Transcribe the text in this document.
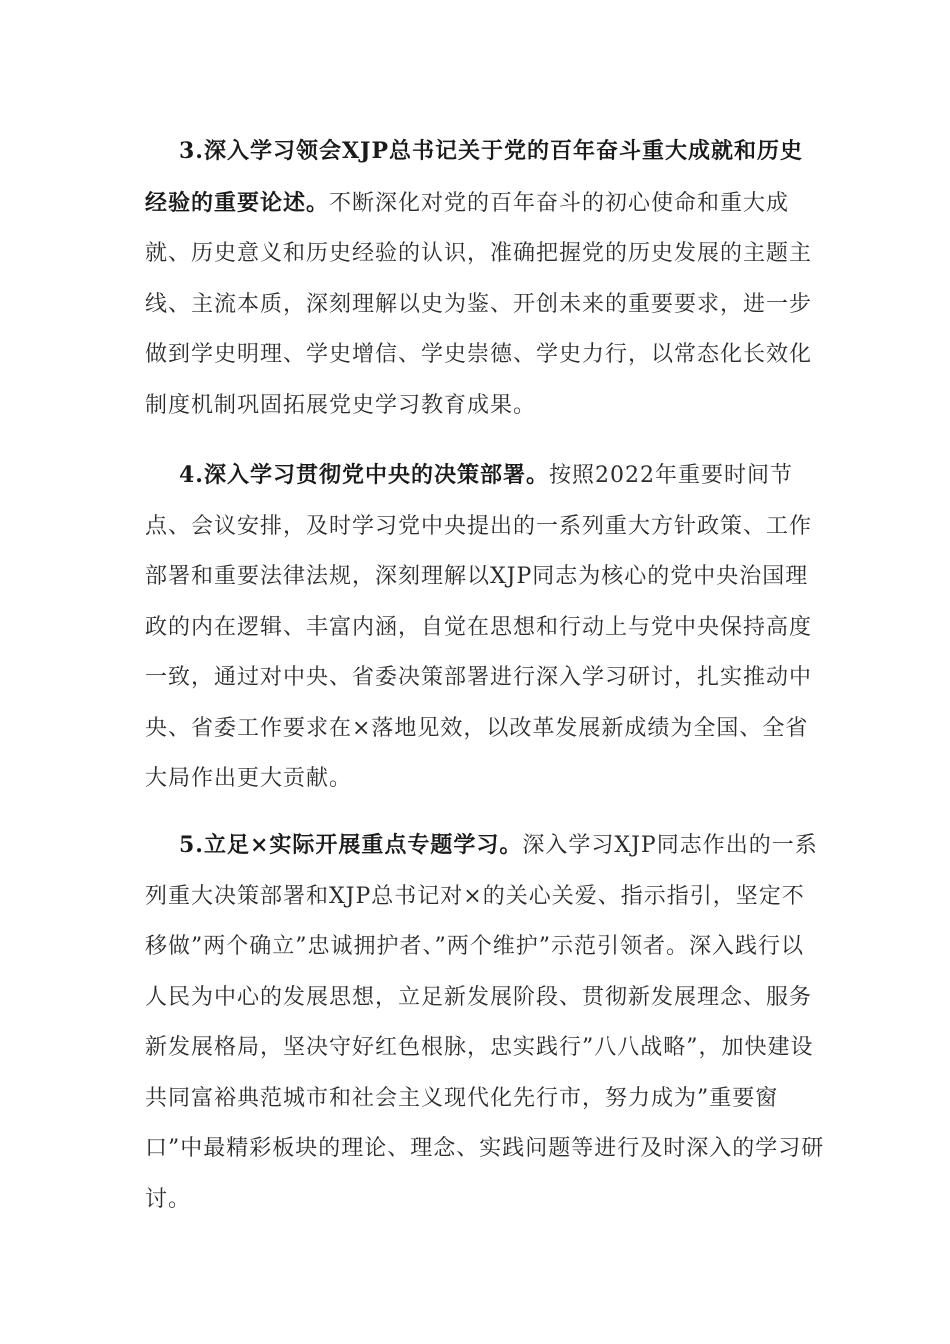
3.深入学习领会XJP总书记关于党的百年奋斗重大成就和历史经验的重要论述。不断深化对党的百年奋斗的初心使命和重大成就、历史意义和历史经验的认识，准确把握党的历史发展的主题主线、主流本质，深刻理解以史为鉴、开创未来的重要要求，进一步做到学史明理、学史增信、学史崇德、学史力行，以常态化长效化制度机制巩固拓展党史学习教育成果。

4.深入学习贯彻党中央的决策部署。按照2022年重要时间节点、会议安排，及时学习党中央提出的一系列重大方针政策、工作部署和重要法律法规，深刻理解以XJP同志为核心的党中央治国理政的内在逻辑、丰富内涵，自觉在思想和行动上与党中央保持高度一致，通过对中央、省委决策部署进行深入学习研讨，扎实推动中央、省委工作要求在×落地见效，以改革发展新成绩为全国、全省大局作出更大贡献。

5.立足×实际开展重点专题学习。深入学习XJP同志作出的一系列重大决策部署和XJP总书记对×的关心关爱、指示指引，坚定不移做”两个确立”忠诚拥护者、”两个维护”示范引领者。深入践行以人民为中心的发展思想，立足新发展阶段、贯彻新发展理念、服务新发展格局，坚决守好红色根脉，忠实践行”八八战略”，加快建设共同富裕典范城市和社会主义现代化先行市，努力成为”重要窗口”中最精彩板块的理论、理念、实践问题等进行及时深入的学习研讨。
